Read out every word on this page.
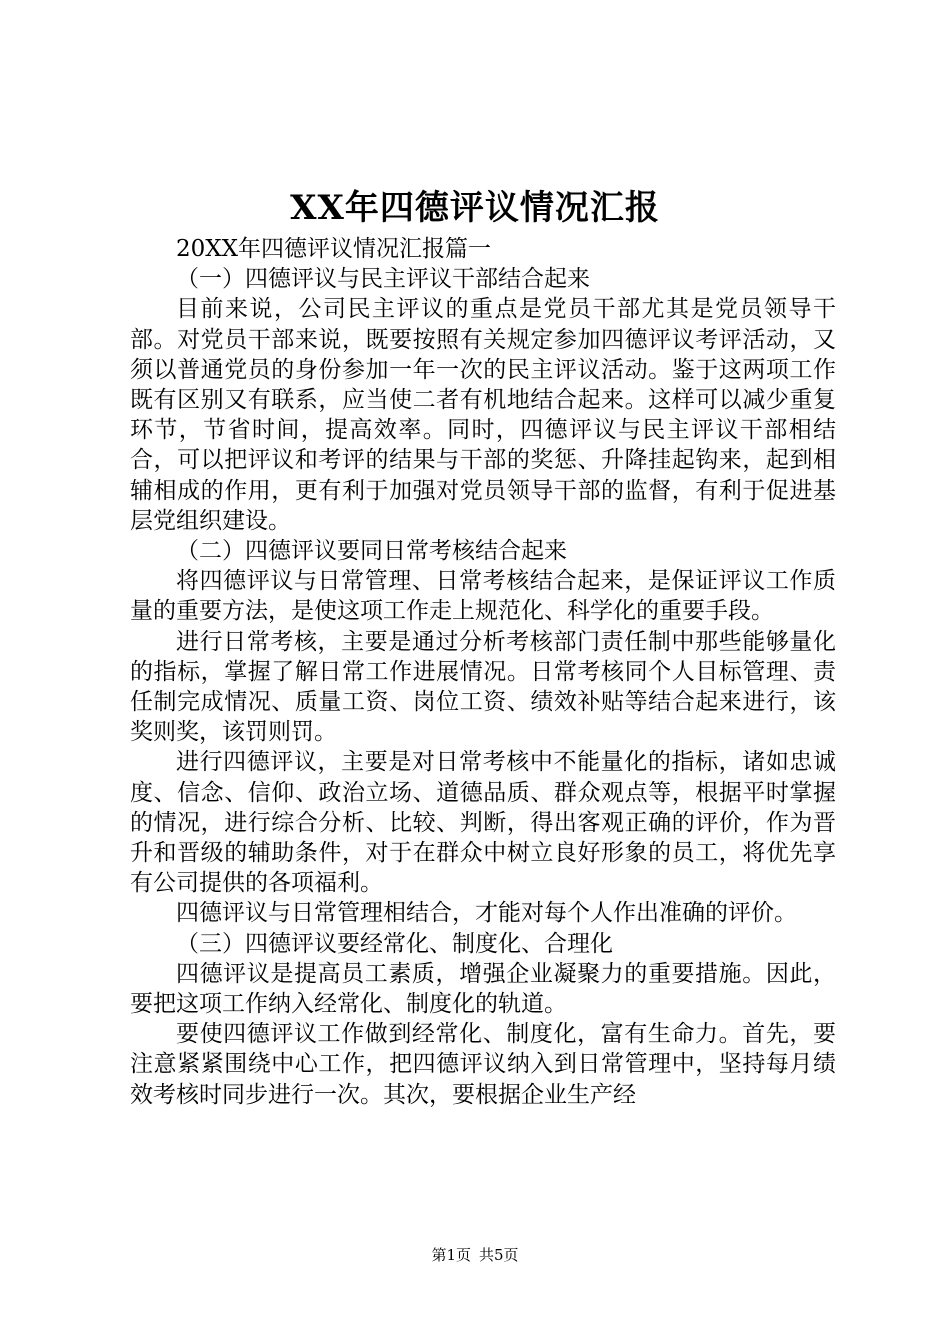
XX年四德评议情况汇报

20XX年四德评议情况汇报篇一

（一）四德评议与民主评议干部结合起来

目前来说，公司民主评议的重点是党员干部尤其是党员领导干部。对党员干部来说，既要按照有关规定参加四德评议考评活动，又须以普通党员的身份参加一年一次的民主评议活动。鉴于这两项工作既有区别又有联系，应当使二者有机地结合起来。这样可以减少重复环节，节省时间，提高效率。同时，四德评议与民主评议干部相结合，可以把评议和考评的结果与干部的奖惩、升降挂起钩来，起到相辅相成的作用，更有利于加强对党员领导干部的监督，有利于促进基层党组织建设。

（二）四德评议要同日常考核结合起来

将四德评议与日常管理、日常考核结合起来，是保证评议工作质量的重要方法，是使这项工作走上规范化、科学化的重要手段。

进行日常考核，主要是通过分析考核部门责任制中那些能够量化的指标，掌握了解日常工作进展情况。日常考核同个人目标管理、责任制完成情况、质量工资、岗位工资、绩效补贴等结合起来进行，该奖则奖，该罚则罚。

进行四德评议，主要是对日常考核中不能量化的指标，诸如忠诚度、信念、信仰、政治立场、道德品质、群众观点等，根据平时掌握的情况，进行综合分析、比较、判断，得出客观正确的评价，作为晋升和晋级的辅助条件，对于在群众中树立良好形象的员工，将优先享有公司提供的各项福利。

四德评议与日常管理相结合，才能对每个人作出准确的评价。

（三）四德评议要经常化、制度化、合理化

四德评议是提高员工素质，增强企业凝聚力的重要措施。因此，要把这项工作纳入经常化、制度化的轨道。

要使四德评议工作做到经常化、制度化，富有生命力。首先，要注意紧紧围绕中心工作，把四德评议纳入到日常管理中，坚持每月绩效考核时同步进行一次。其次，要根据企业生产经

第1页 共5页
